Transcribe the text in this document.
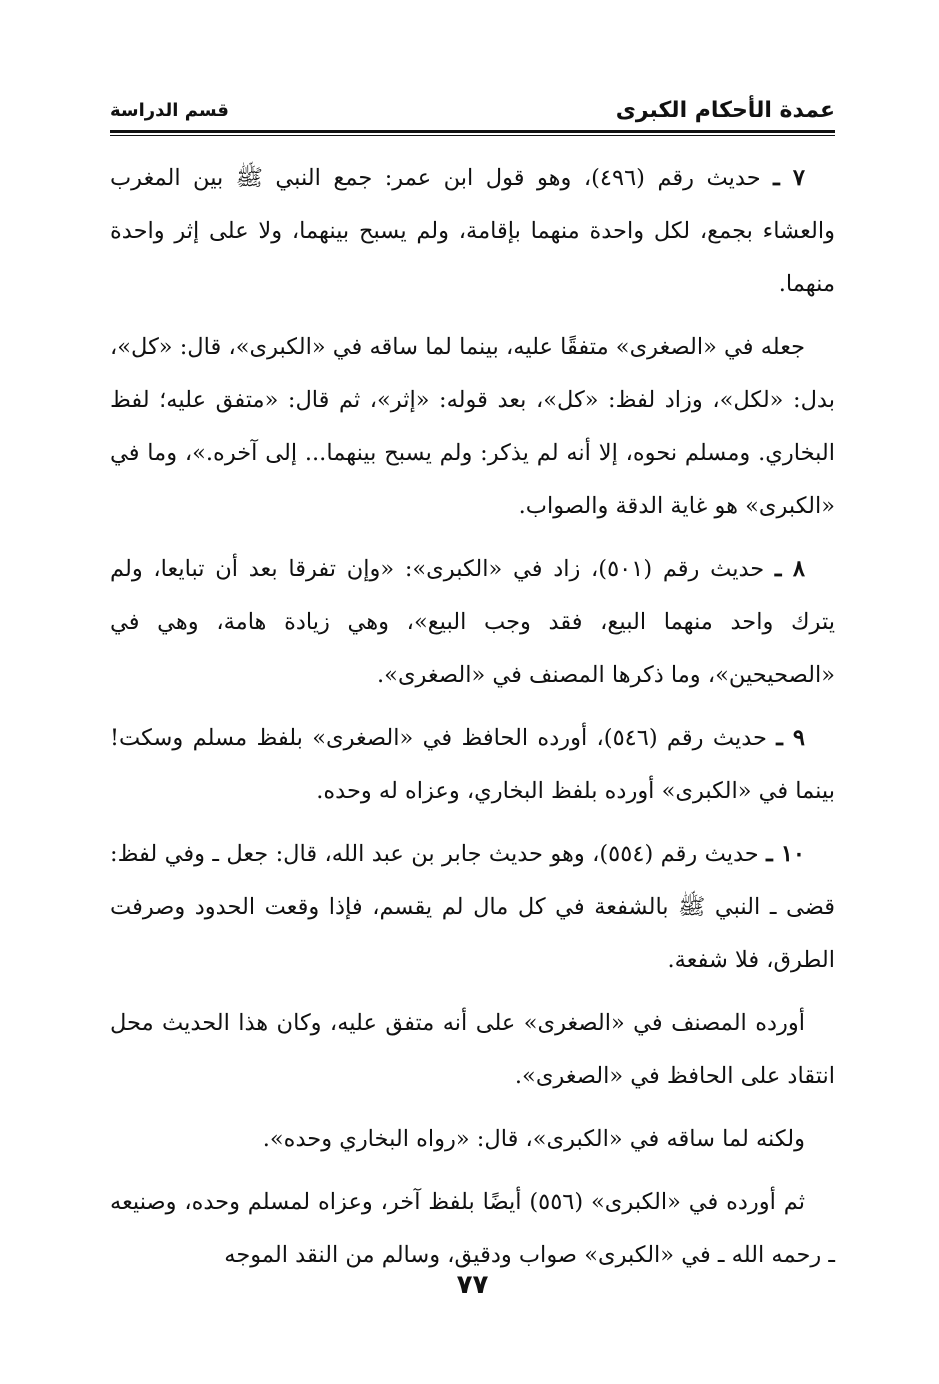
عمدة الأحكام الكبرى
قسم الدراسة

٧ ـ حديث رقم (٤٩٦)، وهو قول ابن عمر: جمع النبي ﷺ بين المغرب والعشاء بجمع، لكل واحدة منهما بإقامة، ولم يسبح بينهما، ولا على إثر واحدة منهما.

جعله في «الصغرى» متفقًا عليه، بينما لما ساقه في «الكبرى»، قال: «كل»، بدل: «لكل»، وزاد لفظ: «كل»، بعد قوله: «إثر»، ثم قال: «متفق عليه؛ لفظ البخاري. ومسلم نحوه، إلا أنه لم يذكر: ولم يسبح بينهما... إلى آخره.»، وما في «الكبرى» هو غاية الدقة والصواب.

٨ ـ حديث رقم (٥٠١)، زاد في «الكبرى»: «وإن تفرقا بعد أن تبايعا، ولم يترك واحد منهما البيع، فقد وجب البيع»، وهي زيادة هامة، وهي في «الصحيحين»، وما ذكرها المصنف في «الصغرى».

٩ ـ حديث رقم (٥٤٦)، أورده الحافظ في «الصغرى» بلفظ مسلم وسكت! بينما في «الكبرى» أورده بلفظ البخاري، وعزاه له وحده.

١٠ ـ حديث رقم (٥٥٤)، وهو حديث جابر بن عبد الله، قال: جعل ـ وفي لفظ: قضى ـ النبي ﷺ بالشفعة في كل مال لم يقسم، فإذا وقعت الحدود وصرفت الطرق، فلا شفعة.

أورده المصنف في «الصغرى» على أنه متفق عليه، وكان هذا الحديث محل انتقاد على الحافظ في «الصغرى».

ولكنه لما ساقه في «الكبرى»، قال: «رواه البخاري وحده».

ثم أورده في «الكبرى» (٥٥٦) أيضًا بلفظ آخر، وعزاه لمسلم وحده، وصنيعه ـ رحمه الله ـ في «الكبرى» صواب ودقيق، وسالم من النقد الموجه

٧٧
